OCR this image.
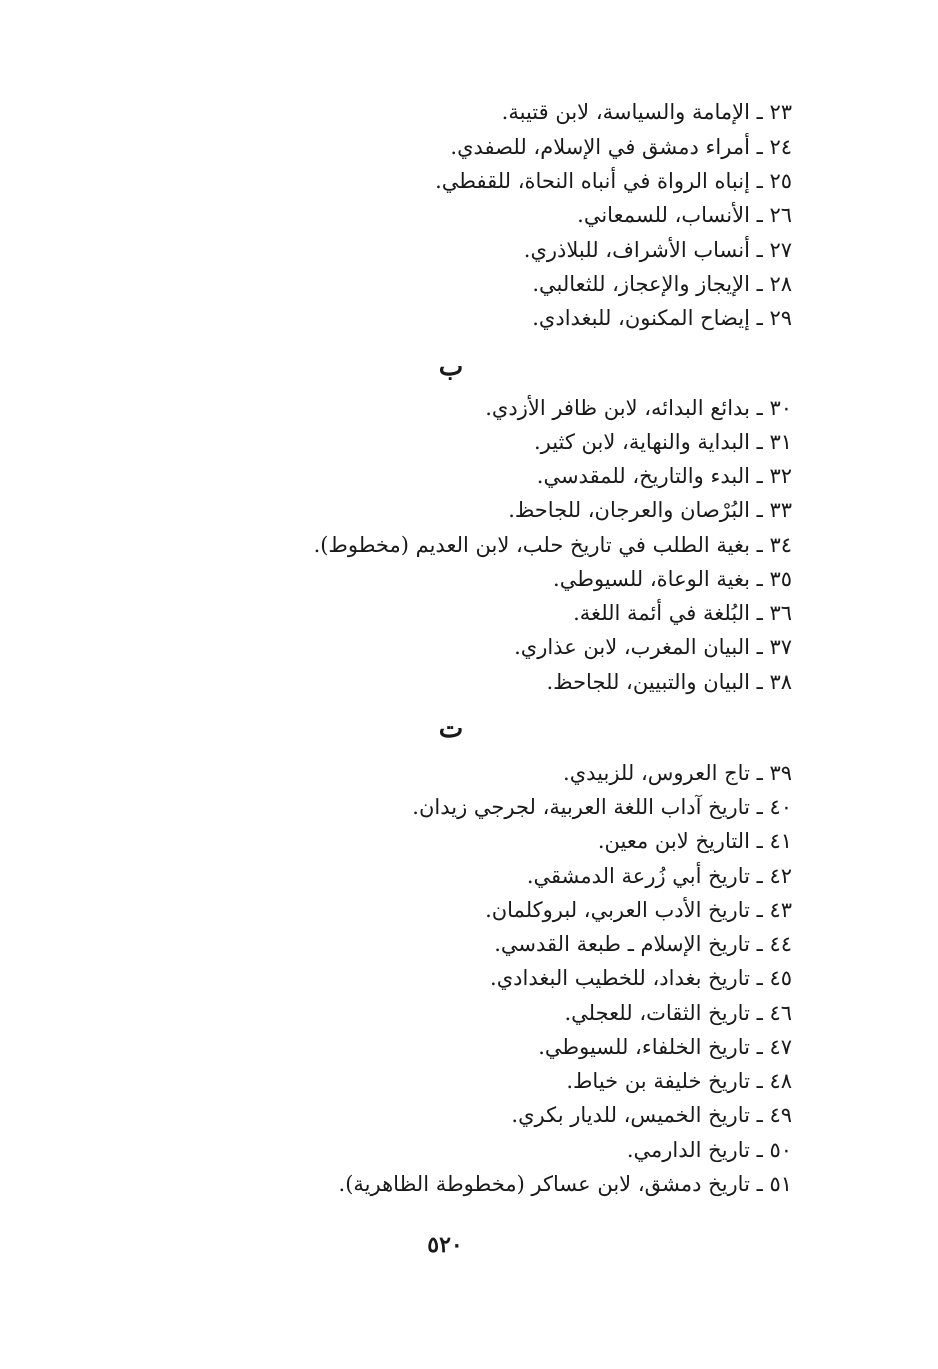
٢٣ ـ الإمامة والسياسة، لابن قتيبة.
٢٤ ـ أمراء دمشق في الإسلام، للصفدي.
٢٥ ـ إنباه الرواة في أنباه النحاة، للقفطي.
٢٦ ـ الأنساب، للسمعاني.
٢٧ ـ أنساب الأشراف، للبلاذري.
٢٨ ـ الإيجاز والإعجاز، للثعالبي.
٢٩ ـ إيضاح المكنون، للبغدادي.
ب
٣٠ ـ بدائع البدائه، لابن ظافر الأزدي.
٣١ ـ البداية والنهاية، لابن كثير.
٣٢ ـ البدء والتاريخ، للمقدسي.
٣٣ ـ البُرْصان والعرجان، للجاحظ.
٣٤ ـ بغية الطلب في تاريخ حلب، لابن العديم (مخطوط).
٣٥ ـ بغية الوعاة، للسيوطي.
٣٦ ـ البُلغة في أئمة اللغة.
٣٧ ـ البيان المغرب، لابن عذاري.
٣٨ ـ البيان والتبيين، للجاحظ.
ت
٣٩ ـ تاج العروس، للزبيدي.
٤٠ ـ تاريخ آداب اللغة العربية، لجرجي زيدان.
٤١ ـ التاريخ لابن معين.
٤٢ ـ تاريخ أبي زُرعة الدمشقي.
٤٣ ـ تاريخ الأدب العربي، لبروكلمان.
٤٤ ـ تاريخ الإسلام ـ طبعة القدسي.
٤٥ ـ تاريخ بغداد، للخطيب البغدادي.
٤٦ ـ تاريخ الثقات، للعجلي.
٤٧ ـ تاريخ الخلفاء، للسيوطي.
٤٨ ـ تاريخ خليفة بن خياط.
٤٩ ـ تاريخ الخميس، للديار بكري.
٥٠ ـ تاريخ الدارمي.
٥١ ـ تاريخ دمشق، لابن عساكر (مخطوطة الظاهرية).
٥٢٠
